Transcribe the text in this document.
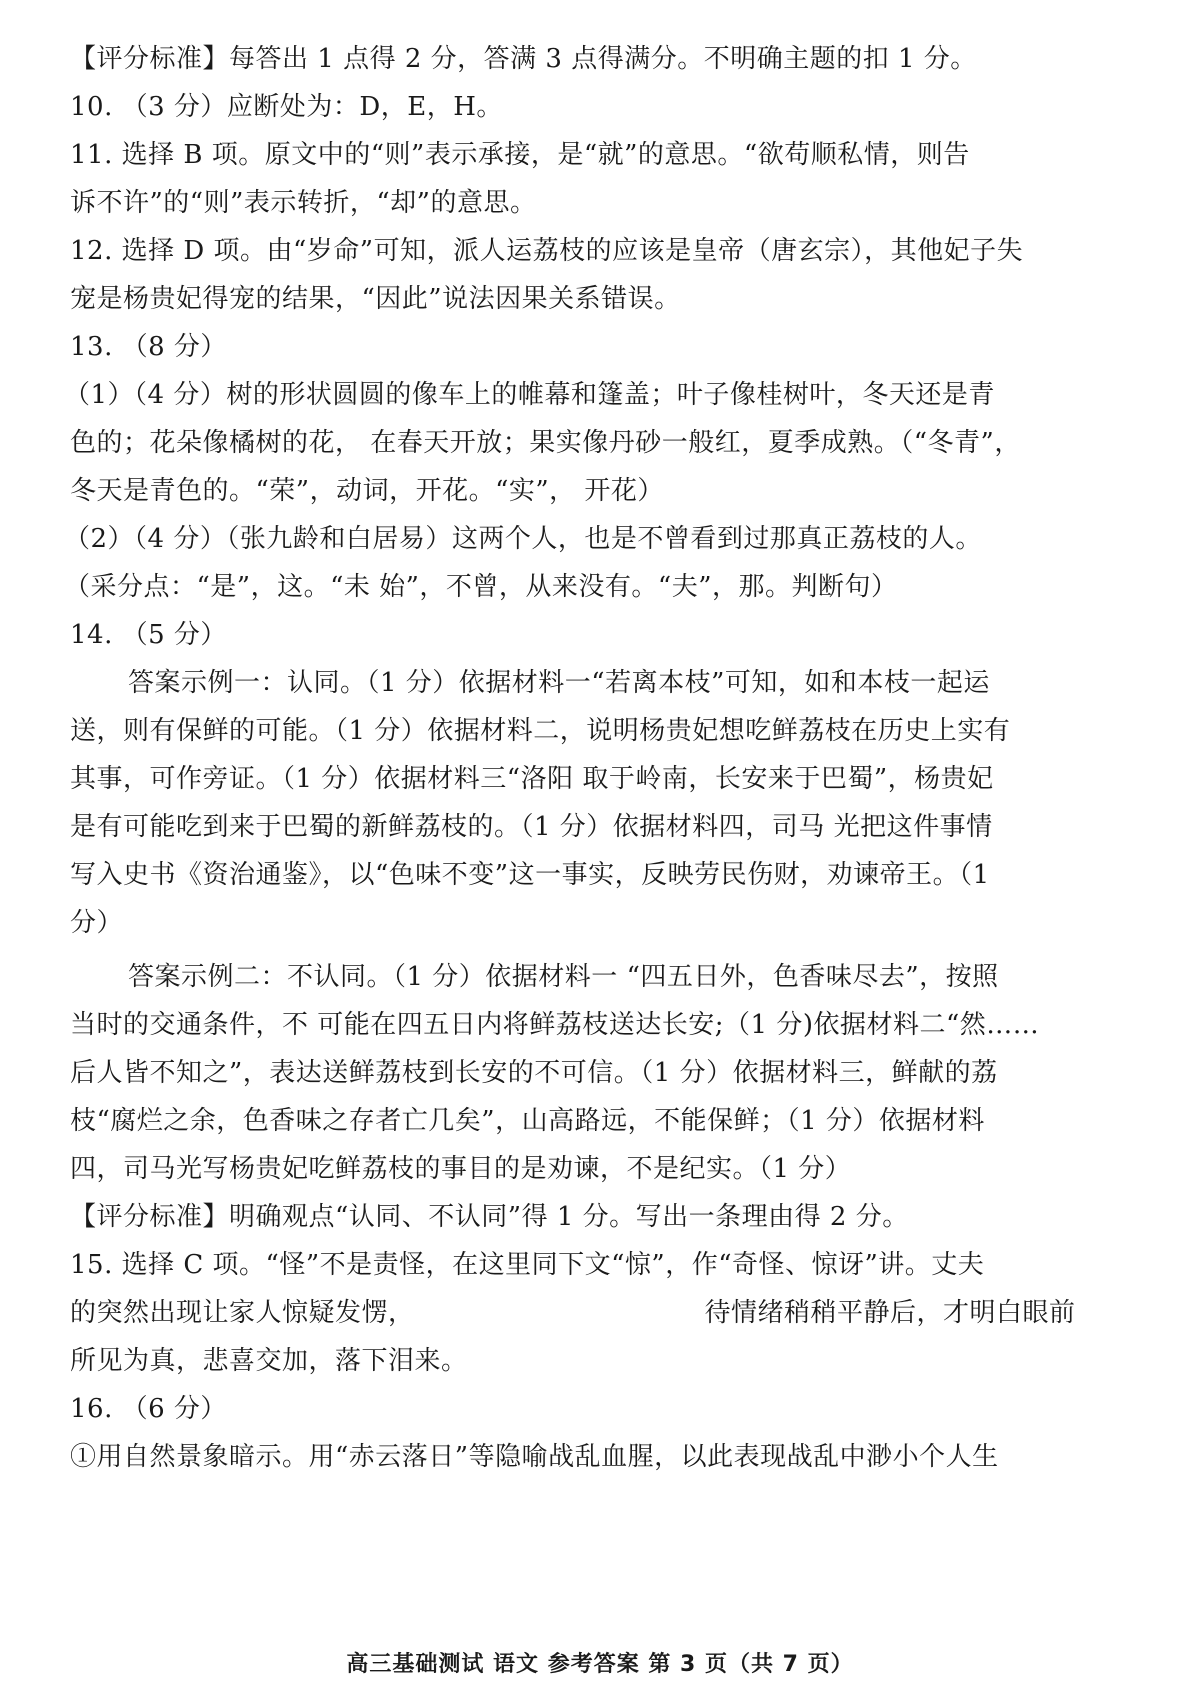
【评分标准】每答出 1 点得 2 分，答满 3 点得满分。不明确主题的扣 1 分。
10. （3 分）应断处为：D，E，H。
11. 选择 B 项。原文中的“则”表示承接，是“就”的意思。“欲苟顺私情，则告
诉不许”的“则”表示转折，“却”的意思。
12. 选择 D 项。由“岁命”可知，派人运荔枝的应该是皇帝（唐玄宗），其他妃子失
宠是杨贵妃得宠的结果，“因此”说法因果关系错误。
13. （8 分）
（1）（4 分）树的形状圆圆的像车上的帷幕和篷盖；叶子像桂树叶，冬天还是青
色的；花朵像橘树的花， 在春天开放；果实像丹砂一般红，夏季成熟。（“冬青”，
冬天是青色的。“荣”，动词，开花。“实”， 开花）
（2）（4 分）（张九龄和白居易）这两个人，也是不曾看到过那真正荔枝的人。
（采分点：“是”，这。“未 始”，不曾，从来没有。“夫”，那。判断句）
14. （5 分）
答案示例一：认同。（1 分）依据材料一“若离本枝”可知，如和本枝一起运
送，则有保鲜的可能。（1 分）依据材料二，说明杨贵妃想吃鲜荔枝在历史上实有
其事，可作旁证。（1 分）依据材料三“洛阳 取于岭南，长安来于巴蜀”，杨贵妃
是有可能吃到来于巴蜀的新鲜荔枝的。（1 分）依据材料四，司马 光把这件事情
写入史书《资治通鉴》，以“色味不变”这一事实，反映劳民伤财，劝谏帝王。（1
分）
答案示例二：不认同。（1 分）依据材料一 “四五日外，色香味尽去”，按照
当时的交通条件，不 可能在四五日内将鲜荔枝送达长安;（1 分)依据材料二“然……
后人皆不知之”，表达送鲜荔枝到长安的不可信。（1 分）依据材料三，鲜献的荔
枝“腐烂之余，色香味之存者亡几矣”，山高路远，不能保鲜；（1 分）依据材料
四，司马光写杨贵妃吃鲜荔枝的事目的是劝谏，不是纪实。（1 分）
【评分标准】明确观点“认同、不认同”得 1 分。写出一条理由得 2 分。
15. 选择 C 项。“怪”不是责怪，在这里同下文“惊”，作“奇怪、惊讶”讲。丈夫
的突然出现让家人惊疑发愣，	待情绪稍稍平静后，才明白眼前
所见为真，悲喜交加，落下泪来。
16. （6 分）
①用自然景象暗示。用“赤云落日”等隐喻战乱血腥，以此表现战乱中渺小个人生
高三基础测试 语文 参考答案 第 3 页（共 7 页）
